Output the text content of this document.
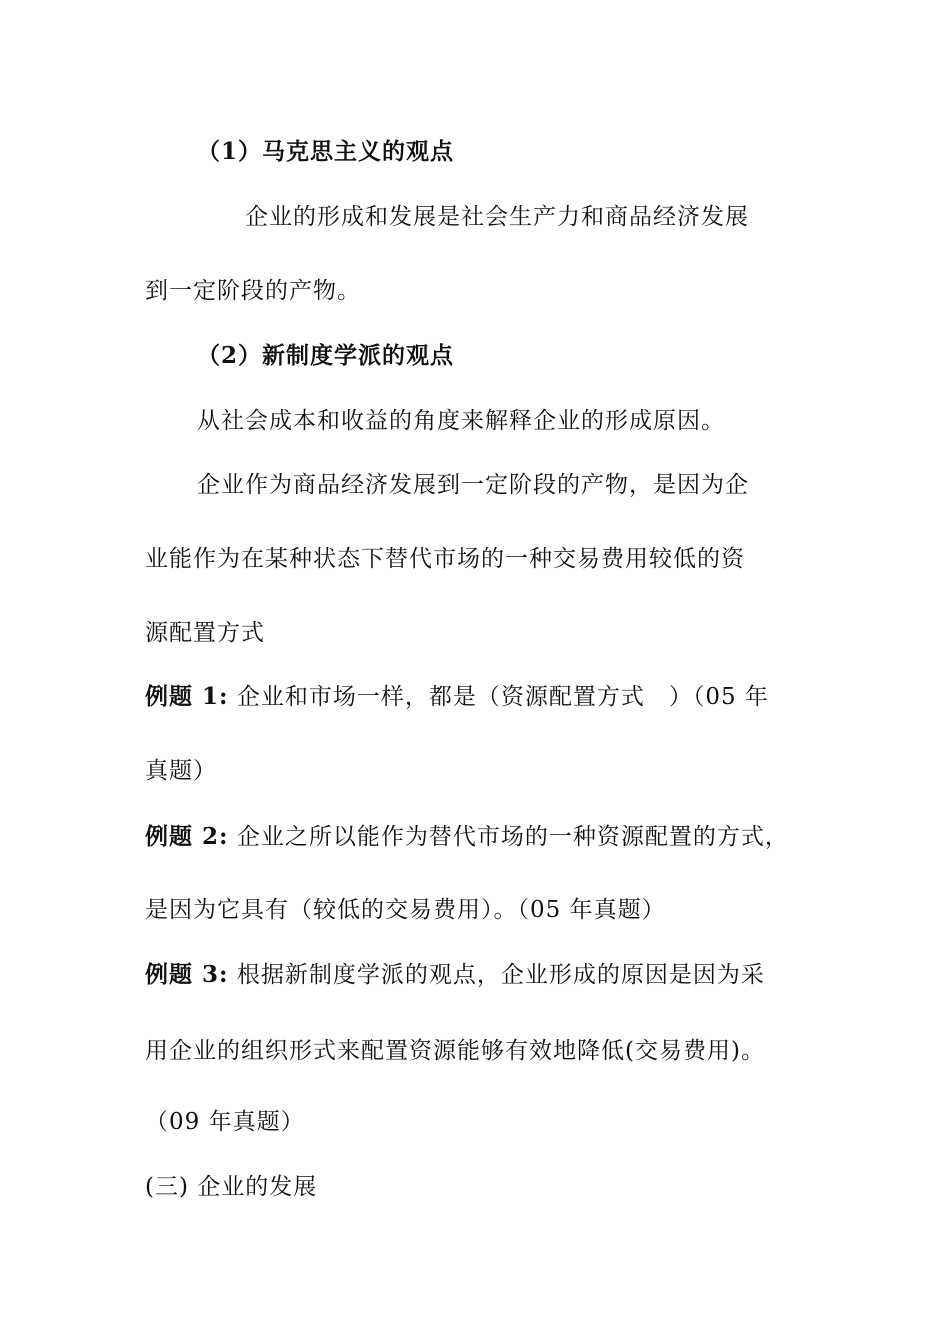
（1）马克思主义的观点
企业的形成和发展是社会生产力和商品经济发展
到一定阶段的产物。
（2）新制度学派的观点
从社会成本和收益的角度来解释企业的形成原因。
企业作为商品经济发展到一定阶段的产物，是因为企
业能作为在某种状态下替代市场的一种交易费用较低的资
源配置方式
例题 1: 企业和市场一样，都是（资源配置方式　）（05 年
真题）
例题 2: 企业之所以能作为替代市场的一种资源配置的方式，
是因为它具有（较低的交易费用）。（05 年真题）
例题 3: 根据新制度学派的观点，企业形成的原因是因为采
用企业的组织形式来配置资源能够有效地降低(交易费用)。
（09 年真题）
(三) 企业的发展
